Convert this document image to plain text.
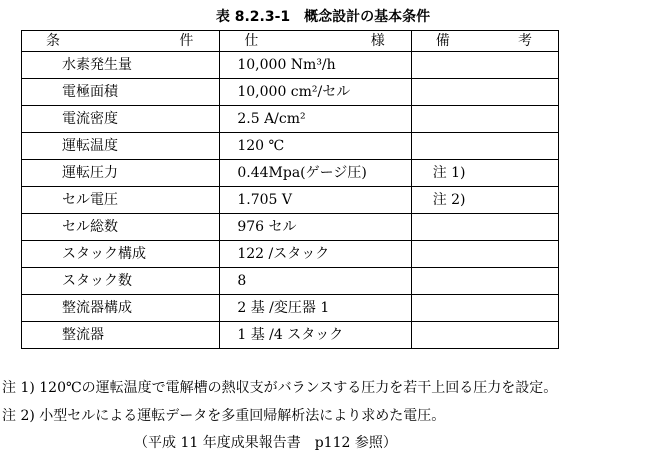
表 8.2.3-1　概念設計の基本条件
条 件	仕 様	備 考

水素発生量	10,000 Nm³/h	
電極面積	10,000 cm²/セル	
電流密度	2.5 A/cm²	
運転温度	120 ℃	
運転圧力	0.44Mpa(ゲージ圧)	注 1)
セル電圧	1.705 V	注 2)
セル総数	976 セル	
スタック構成	122 /スタック	
スタック数	8	
整流器構成	2 基 /変圧器 1	
整流器	1 基 /4 スタック	
注 1) 120℃の運転温度で電解槽の熱収支がバランスする圧力を若干上回る圧力を設定。
注 2) 小型セルによる運転データを多重回帰解析法により求めた電圧。
（平成 11 年度成果報告書　p112 参照）
